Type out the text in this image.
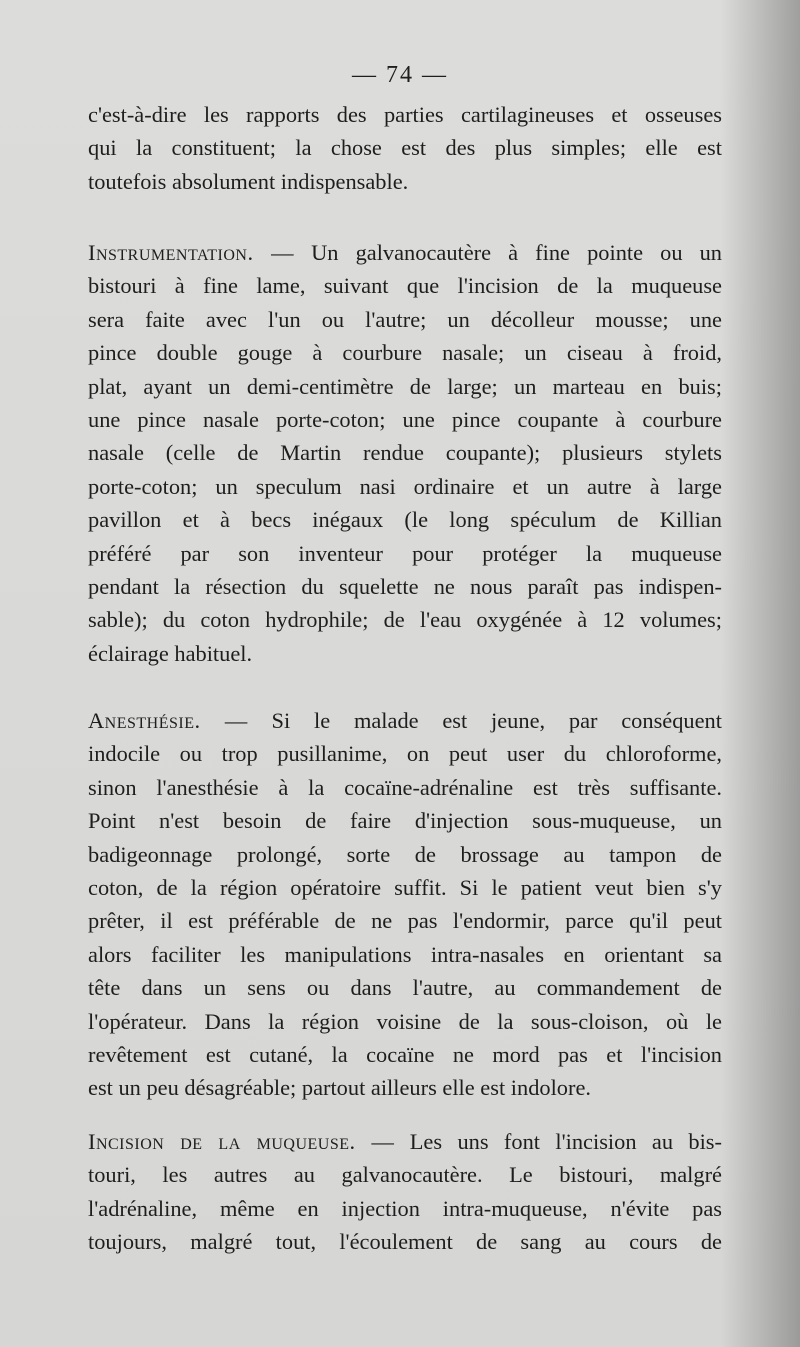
— 74 —
c'est-à-dire les rapports des parties cartilagineuses et osseuses
qui la constituent; la chose est des plus simples; elle est
toutefois absolument indispensable.
Instrumentation. — Un galvanocautère à fine pointe ou un
bistouri à fine lame, suivant que l'incision de la muqueuse
sera faite avec l'un ou l'autre; un décolleur mousse; une
pince double gouge à courbure nasale; un ciseau à froid,
plat, ayant un demi-centimètre de large; un marteau en buis;
une pince nasale porte-coton; une pince coupante à courbure
nasale (celle de Martin rendue coupante); plusieurs stylets
porte-coton; un speculum nasi ordinaire et un autre à large
pavillon et à becs inégaux (le long spéculum de Killian
préféré par son inventeur pour protéger la muqueuse
pendant la résection du squelette ne nous paraît pas indispen-
sable); du coton hydrophile; de l'eau oxygénée à 12 volumes;
éclairage habituel.
Anesthésie. — Si le malade est jeune, par conséquent
indocile ou trop pusillanime, on peut user du chloroforme,
sinon l'anesthésie à la cocaïne-adrénaline est très suffisante.
Point n'est besoin de faire d'injection sous-muqueuse, un
badigeonnage prolongé, sorte de brossage au tampon de
coton, de la région opératoire suffit. Si le patient veut bien s'y
prêter, il est préférable de ne pas l'endormir, parce qu'il peut
alors faciliter les manipulations intra-nasales en orientant sa
tête dans un sens ou dans l'autre, au commandement de
l'opérateur. Dans la région voisine de la sous-cloison, où le
revêtement est cutané, la cocaïne ne mord pas et l'incision
est un peu désagréable; partout ailleurs elle est indolore.
Incision de la muqueuse. — Les uns font l'incision au bis-
touri, les autres au galvanocautère. Le bistouri, malgré
l'adrénaline, même en injection intra-muqueuse, n'évite pas
toujours, malgré tout, l'écoulement de sang au cours de
